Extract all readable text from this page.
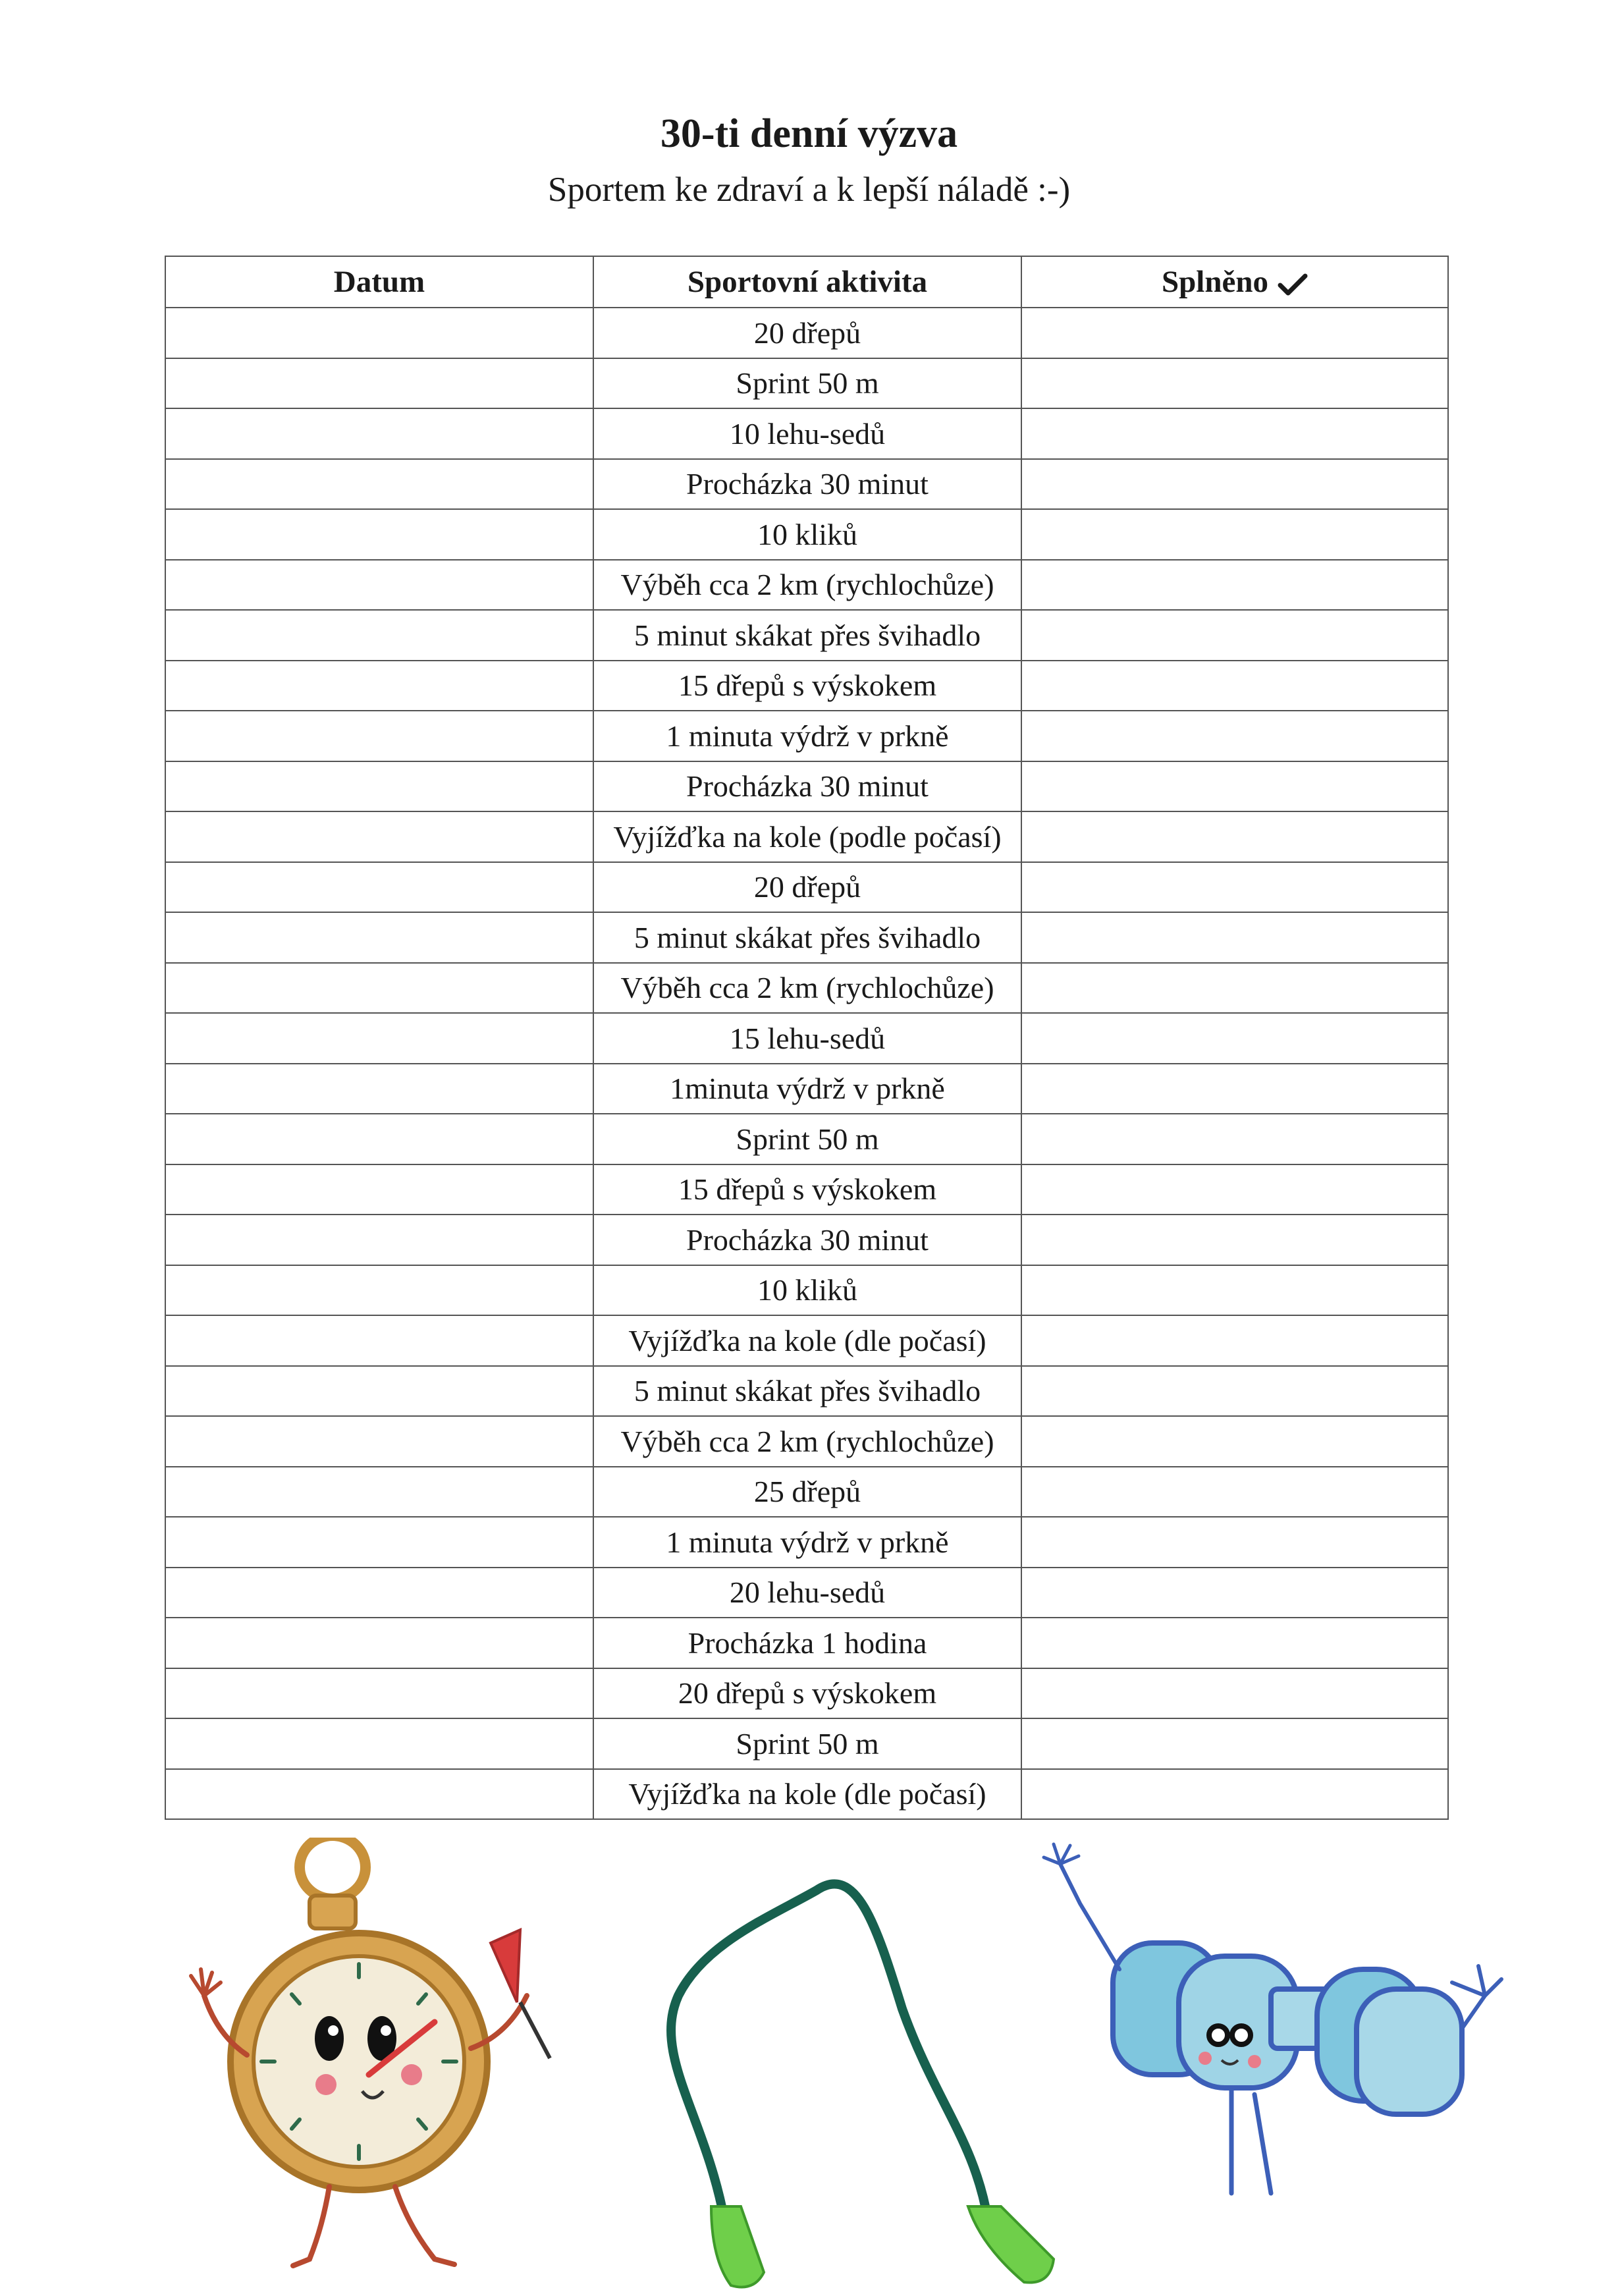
30-ti denní výzva

Sportem ke zdraví a k lepší náladě :-)

Datum	Sportovní aktivita	Splněno
	20 dřepů	
	Sprint 50 m	
	10 lehu-sedů	
	Procházka 30 minut	
	10 kliků	
	Výběh cca 2 km (rychlochůze)	
	5 minut skákat přes švihadlo	
	15 dřepů s výskokem	
	1 minuta výdrž v prkně	
	Procházka 30 minut	
	Vyjížďka na kole (podle počasí)	
	20 dřepů	
	5 minut skákat přes švihadlo	
	Výběh cca 2 km (rychlochůze)	
	15 lehu-sedů	
	1minuta výdrž v prkně	
	Sprint 50 m	
	15 dřepů s výskokem	
	Procházka 30 minut	
	10 kliků	
	Vyjížďka na kole (dle počasí)	
	5 minut skákat přes švihadlo	
	Výběh cca 2 km (rychlochůze)	
	25 dřepů	
	1 minuta výdrž v prkně	
	20 lehu-sedů	
	Procházka 1 hodina	
	20 dřepů s výskokem	
	Sprint 50 m	
	Vyjížďka na kole (dle počasí)	
